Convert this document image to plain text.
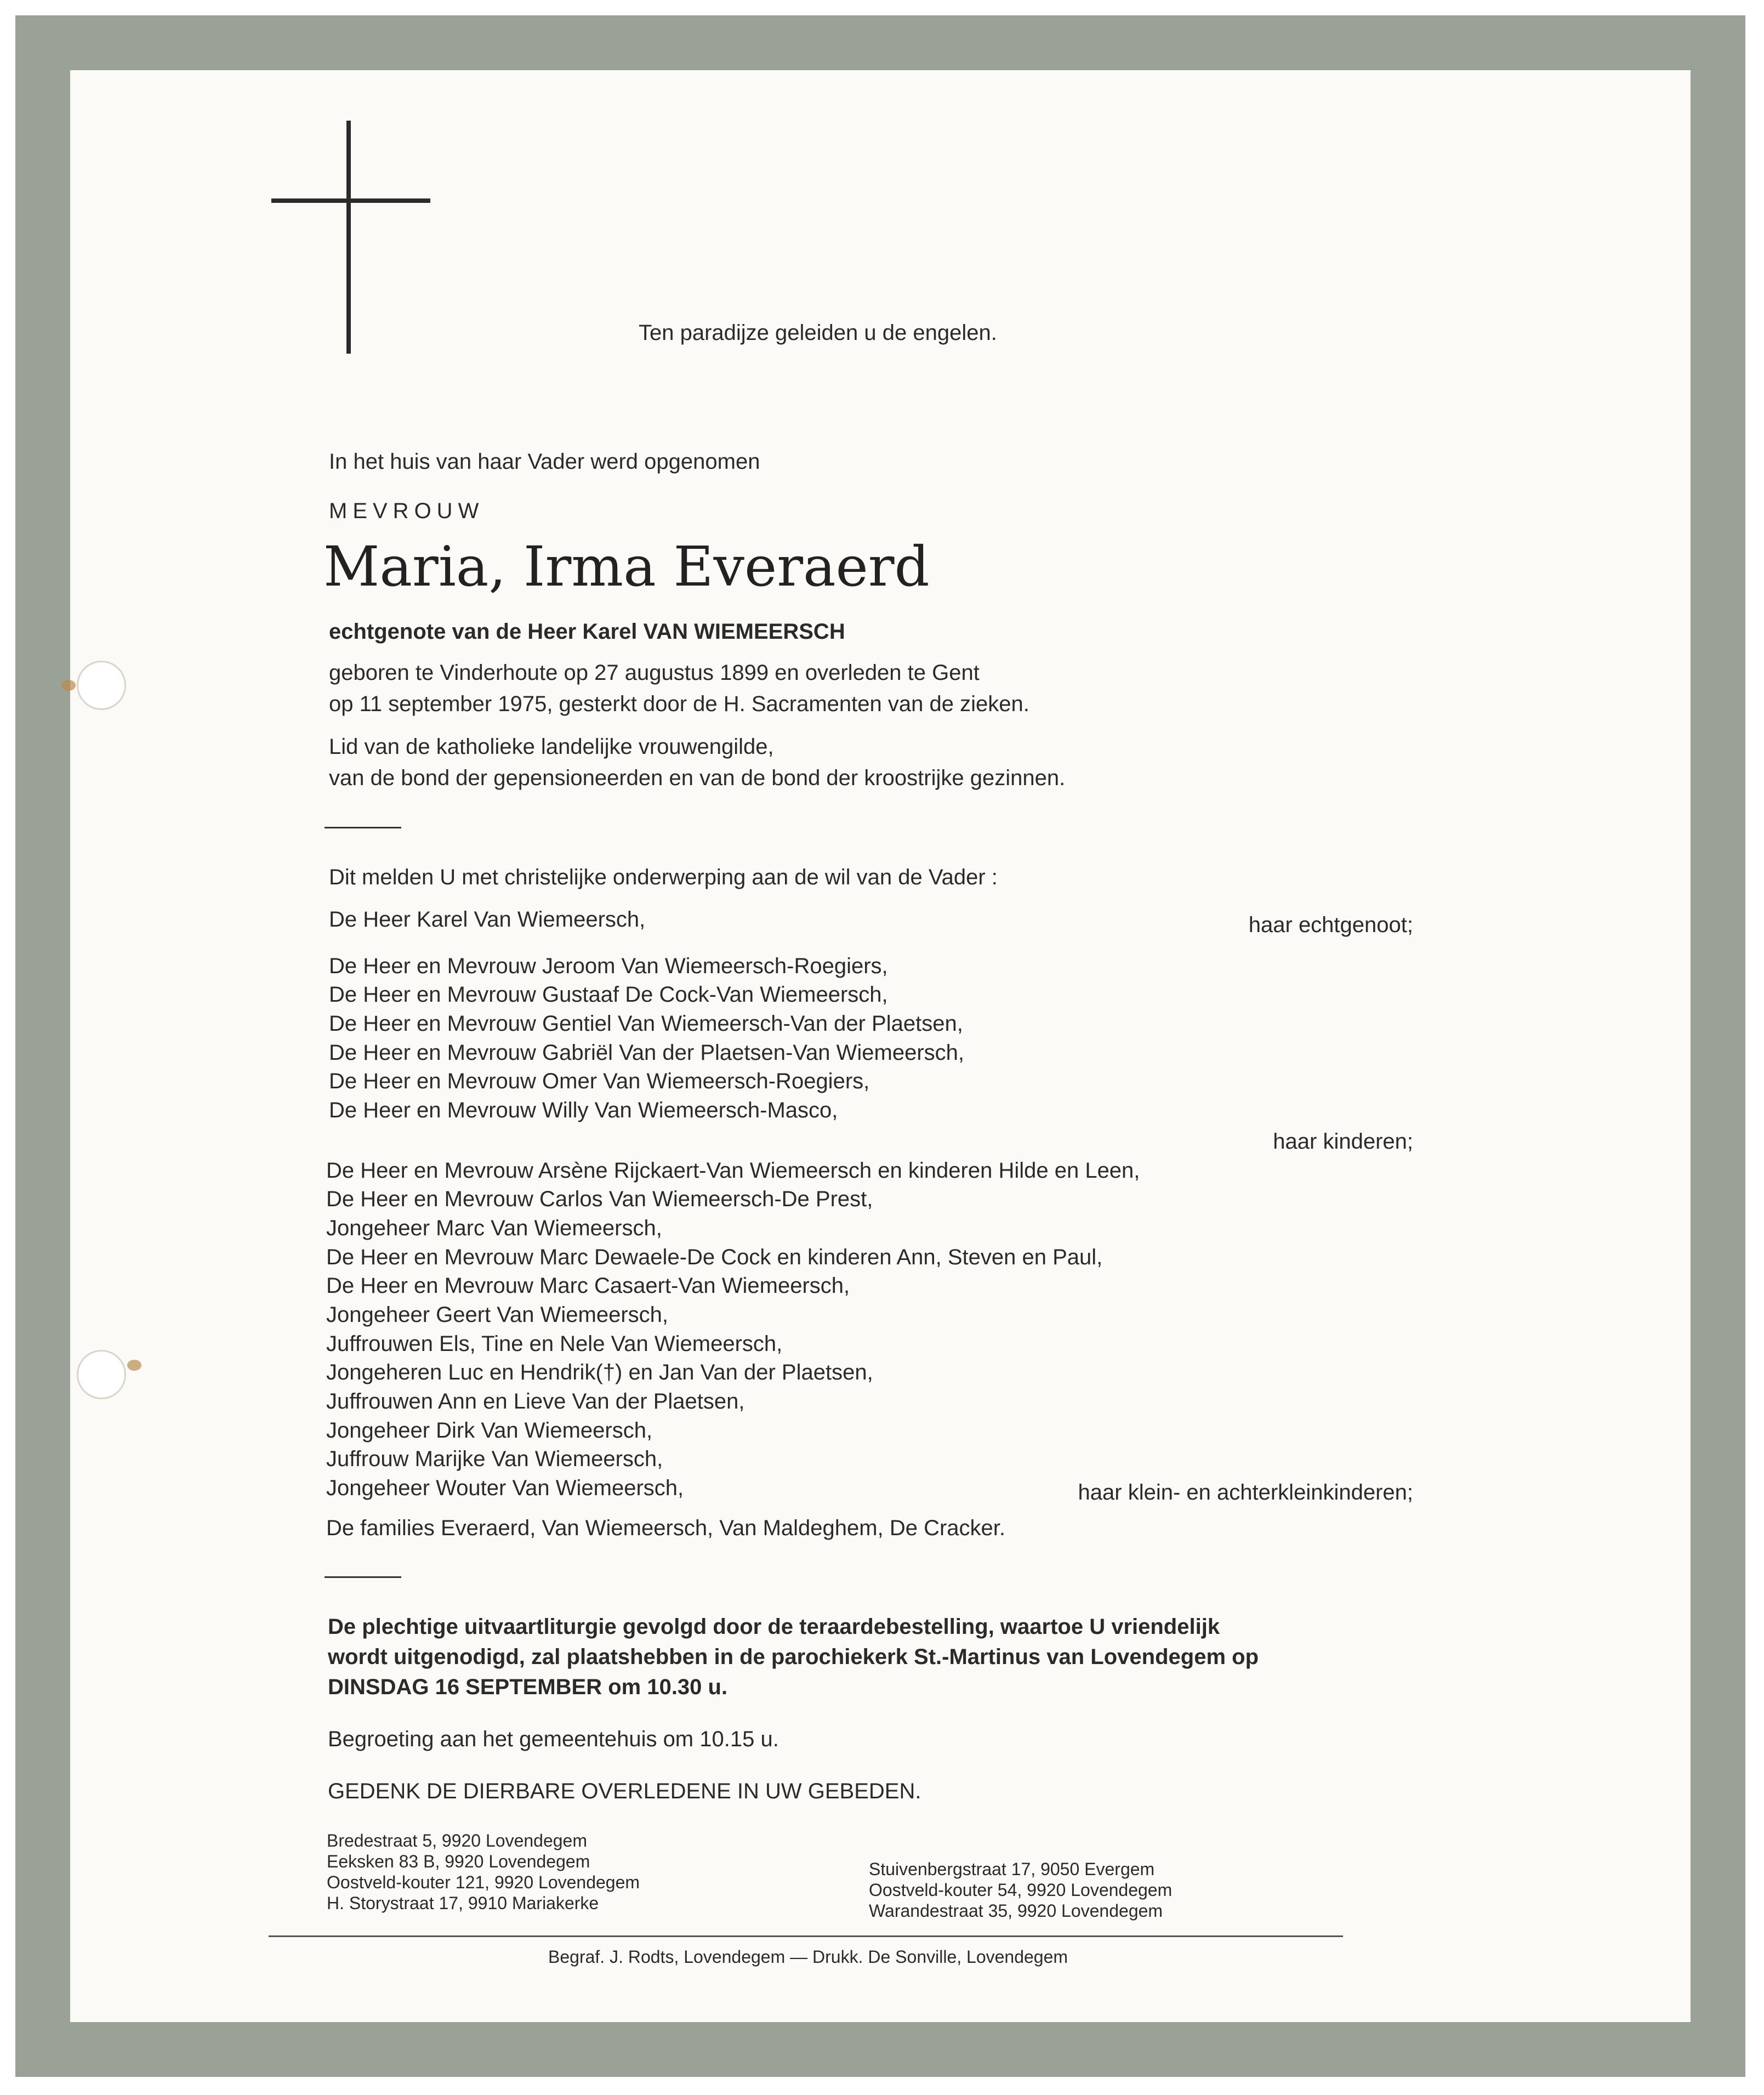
Ten paradijze geleiden u de engelen.
In het huis van haar Vader werd opgenomen
MEVROUW
Maria, Irma Everaerd
echtgenote van de Heer Karel VAN WIEMEERSCH
geboren te Vinderhoute op 27 augustus 1899 en overleden te Gent
op 11 september 1975, gesterkt door de H. Sacramenten van de zieken.
Lid van de katholieke landelijke vrouwengilde,
van de bond der gepensioneerden en van de bond der kroostrijke gezinnen.
Dit melden U met christelijke onderwerping aan de wil van de Vader :
De Heer Karel Van Wiemeersch,	haar echtgenoot;
De Heer en Mevrouw Jeroom Van Wiemeersch-Roegiers,
De Heer en Mevrouw Gustaaf De Cock-Van Wiemeersch,
De Heer en Mevrouw Gentiel Van Wiemeersch-Van der Plaetsen,
De Heer en Mevrouw Gabriël Van der Plaetsen-Van Wiemeersch,
De Heer en Mevrouw Omer Van Wiemeersch-Roegiers,
De Heer en Mevrouw Willy Van Wiemeersch-Masco,
haar kinderen;
De Heer en Mevrouw Arsène Rijckaert-Van Wiemeersch en kinderen Hilde en Leen,
De Heer en Mevrouw Carlos Van Wiemeersch-De Prest,
Jongeheer Marc Van Wiemeersch,
De Heer en Mevrouw Marc Dewaele-De Cock en kinderen Ann, Steven en Paul,
De Heer en Mevrouw Marc Casaert-Van Wiemeersch,
Jongeheer Geert Van Wiemeersch,
Juffrouwen Els, Tine en Nele Van Wiemeersch,
Jongeheren Luc en Hendrik(†) en Jan Van der Plaetsen,
Juffrouwen Ann en Lieve Van der Plaetsen,
Jongeheer Dirk Van Wiemeersch,
Juffrouw Marijke Van Wiemeersch,
Jongeheer Wouter Van Wiemeersch,	haar klein- en achterkleinkinderen;
De families Everaerd, Van Wiemeersch, Van Maldeghem, De Cracker.
De plechtige uitvaartliturgie gevolgd door de teraardebestelling, waartoe U vriendelijk
wordt uitgenodigd, zal plaatshebben in de parochiekerk St.-Martinus van Lovendegem op
DINSDAG 16 SEPTEMBER om 10.30 u.
Begroeting aan het gemeentehuis om 10.15 u.
GEDENK DE DIERBARE OVERLEDENE IN UW GEBEDEN.
Bredestraat 5, 9920 Lovendegem
Eeksken 83 B, 9920 Lovendegem
Oostveld-kouter 121, 9920 Lovendegem
H. Storystraat 17, 9910 Mariakerke
Stuivenbergstraat 17, 9050 Evergem
Oostveld-kouter 54, 9920 Lovendegem
Warandestraat 35, 9920 Lovendegem
Begraf. J. Rodts, Lovendegem — Drukk. De Sonville, Lovendegem
